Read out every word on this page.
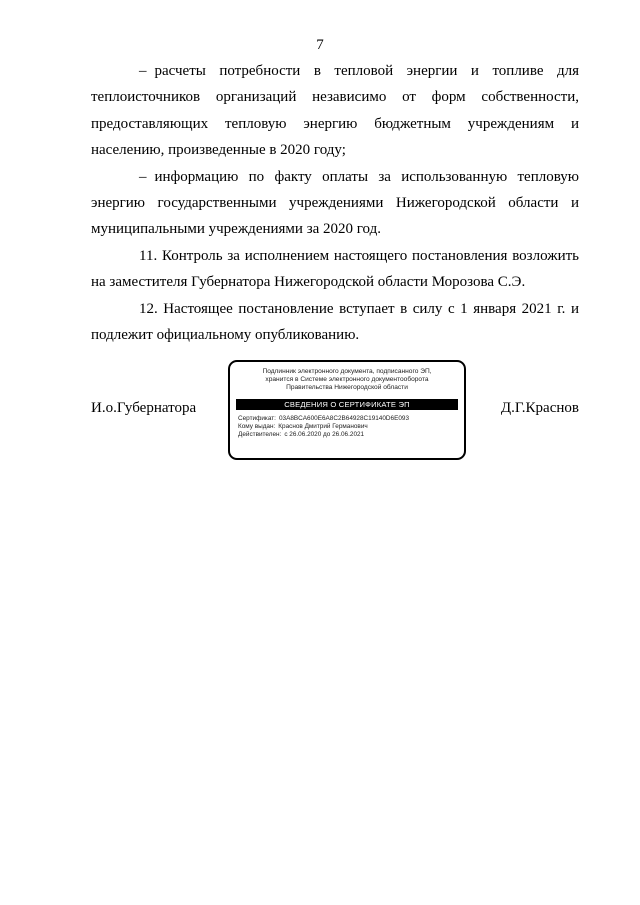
7

– расчеты потребности в тепловой энергии и топливе для теплоисточников организаций независимо от форм собственности, предоставляющих тепловую энергию бюджетным учреждениям и населению, произведенные в 2020 году;

– информацию по факту оплаты за использованную тепловую энергию государственными учреждениями Нижегородской области и муниципальными учреждениями за 2020 год.

11. Контроль за исполнением настоящего постановления возложить на заместителя Губернатора Нижегородской области Морозова С.Э.

12. Настоящее постановление вступает в силу с 1 января 2021 г. и подлежит официальному опубликованию.

И.о.Губернатора
Подлинник электронного документа, подписанного ЭП,
хранится в Системе электронного документооборота
Правительства Нижегородской области
СВЕДЕНИЯ О СЕРТИФИКАТЕ ЭП
Сертификат: 03A8BCA600E6A8C2B64928C19140D6E093
Кому выдан: Краснов Дмитрий Германович
Действителен: с 26.06.2020 до 26.06.2021
Д.Г.Краснов
